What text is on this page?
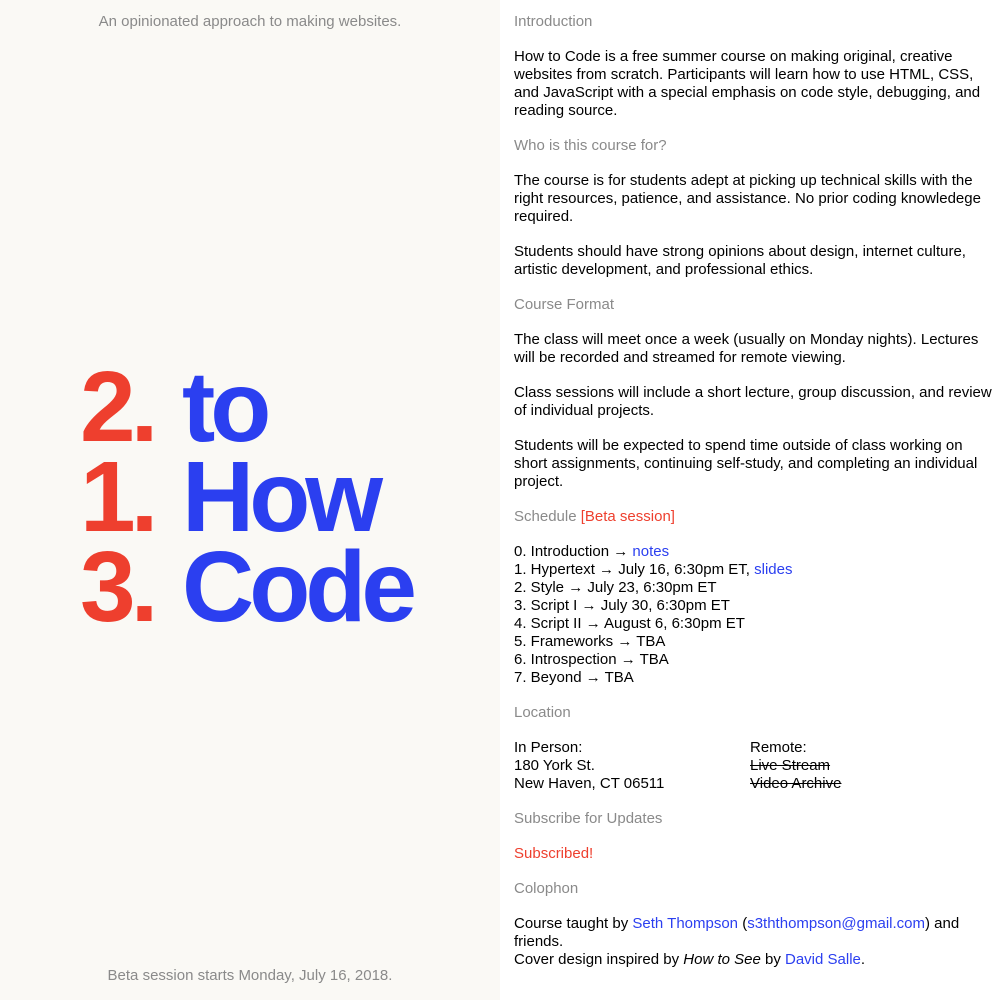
An opinionated approach to making websites.
2. to
1. How
3. Code
Beta session starts Monday, July 16, 2018.
Introduction
How to Code is a free summer course on making original, creative websites from scratch. Participants will learn how to use HTML, CSS, and JavaScript with a special emphasis on code style, debugging, and reading source.
Who is this course for?
The course is for students adept at picking up technical skills with the right resources, patience, and assistance. No prior coding knowledege required.
Students should have strong opinions about design, internet culture, artistic development, and professional ethics.
Course Format
The class will meet once a week (usually on Monday nights). Lectures will be recorded and streamed for remote viewing.
Class sessions will include a short lecture, group discussion, and review of individual projects.
Students will be expected to spend time outside of class working on short assignments, continuing self-study, and completing an individual project.
Schedule [Beta session]
0. Introduction → notes
1. Hypertext → July 16, 6:30pm ET, slides
2. Style → July 23, 6:30pm ET
3. Script I → July 30, 6:30pm ET
4. Script II → August 6, 6:30pm ET
5. Frameworks → TBA
6. Introspection → TBA
7. Beyond → TBA
Location
In Person:
180 York St.
New Haven, CT 06511
Remote:
Live Stream
Video Archive
Subscribe for Updates
Subscribed!
Colophon
Course taught by Seth Thompson (s3ththompson@gmail.com) and friends.
Cover design inspired by How to See by David Salle.
